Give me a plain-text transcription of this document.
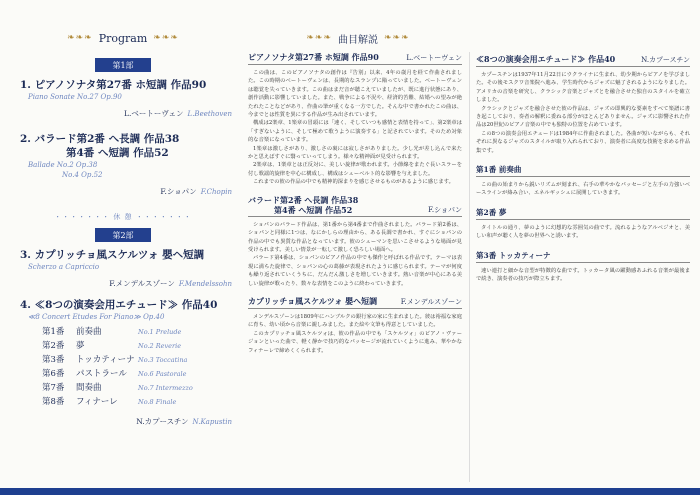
❧❧❧ Program ❧❧❧
第1部
1. ピアノソナタ第27番 ホ短調 作品90
Piano Sonate No.27 Op.90
L.ベートーヴェン L.Beethoven
2. バラード第2番 へ長調 作品38
第4番 へ短調 作品52
Ballade No.2 Op.38
No.4 Op.52
F.ショパン F.Chopin
・・・・・・・ 休 憩 ・・・・・・・
第2部
3. カプリッチョ風スケルツォ 嬰ヘ短調
Scherzo a Capriccio
F.メンデルスゾーン F.Mendelssohn
4. ≪8つの演奏会用エチュード≫ 作品40
≪8 Concert Etudes For Piano≫ Op.40
第1番	前奏曲	No.1 Prelude
第2番	夢	No.2 Reverie
第3番	トッカティーナ No.3 Toccatina
第6番	パストラール	No.6 Pastorale
第7番	間奏曲	No.7 Intermezzo
第8番	フィナーレ	No.8 Finale
N.カプースチン N.Kapustin
❧❧❧ 曲目解説 ❧❧❧
ピアノソナタ第27番 ホ短調 作品90	L.ベートーヴェン
この曲は、このピアノソナタの創作は『告別』以来、4年の歳月を経て作曲されました。この時期のベートーヴェンは、長期的なスランプに陥っていました。ベートーヴェンは聴覚を失っていきます。この曲はまだ音が聴こえていましたが、既に進行状態にあり、創作活動に影響していました。また、戦争による不況や、経済的苦難、結婚への望みが絶たれたことなどがあり、作曲の筆が重くなる一方でした。そんな中で書かれたこの曲は、今までとは性質を異にする作品が生み出されています。
構成は2楽章、1楽章の冒頭には「速く、そしていつも感情と表情を持って」、第2楽章は「すぎないように、そして極めて歌うように演奏する」と記されています。そのため対象的な音楽になっています。
1楽章は激しさがあり、激しさの裏には寂しさがありました。少し光が差し込んで来たかと思えばすぐに翳っていってしまう。様々な精神面が見受けられます。
2楽章は、1楽章とは正反対に、美しい旋律が歌われます。小節線をまたぐ長いスラーを付し歌謡的旋律を中心に構成し、構成はシューベルト的な影響を与えました。
これまでの彼の作品の中でも精神的深まりを感じさせるものがあるように感じます。
バラード第2番 へ長調 作品38
第4番 へ短調 作品52	F.ショパン
ショパンのバラード作品は、第1番から第4番まで作曲されました。バラード第2番は、ショパンと同様に1つは、なにかしらの理由から、ある長調で書かれ、すぐにショパンの作品の中でも異質な作品となっています。彼のシューマンを思いこさせるような場面が見受けられます。美しい情景が一転して激しく恐ろしい場面へ。
バラード第4番は、ショパンのピアノ作品の中でも傑作と呼ばれる作品です。テーマは表現に満ちた旋律で、ショパンの心の葛藤が表現されたように感じられます。テーマが何度も繰り返されていくうちに、だんだん激しさを増していきます。熱い音楽が中心にある美しい旋律が歌ったり、数々な表情をこのように終わっていきます。
カプリッチョ風スケルツォ 嬰ヘ短調	F.メンデルスゾーン
メンデルスゾーンは1809年にハンブルクの銀行家の家に生まれました。彼は裕福な家庭に育ち、幼い頃から音楽に親しみました。また絵や文筆も得意としていました。
このカプリッチョ風スケルツォは、彼の作品の中でも「スケルツォ」のピアノ・ヴァージョンといった曲で、軽く静かで技巧的なパッセージが流れていくように進み、華やかなフィナーレで締めくくられます。
≪8つの演奏会用エチュード≫ 作品40	N.カプースチン
カプースチンは1937年11月22日にウクライナに生まれ、幼少期からピアノを学びました。その後モスクワ音楽院へ進み、学生時代からジャズに魅了されるようになりました。アメリカの音楽を研究し、クラシック音楽とジャズとを融合させた独自のスタイルを確立しました。
クラシックとジャズを融合させた彼の作品は、ジャズの即興的な要素をすべて楽譜に書き起こしており、奏者の解釈に委ねる部分がほとんどありません。ジャズに影響された作品は20世紀のピアノ音楽の中でも独特の位置を占めています。
この8つの演奏会用エチュードは1984年に作曲されました。各曲が短いながらも、それぞれに異なるジャズのスタイルが取り入れられており、演奏者に高度な技術を求める作品集です。
第1番 前奏曲
この曲の始まりから鋭いリズムが刻まれ、右手の華やかなパッセージと左手の力強いベースラインが絡み合い、エネルギッシュに展開していきます。
第2番 夢
タイトルの通り、夢のように幻想的な雰囲気の曲です。流れるようなアルペジオと、美しい和声が聴く人を夢の世界へと誘います。
第3番 トッカティーナ
速い連打と細かな音型が特徴的な曲です。トッカータ風の躍動感あふれる音楽が最後まで続き、演奏者の技巧が際立ちます。
